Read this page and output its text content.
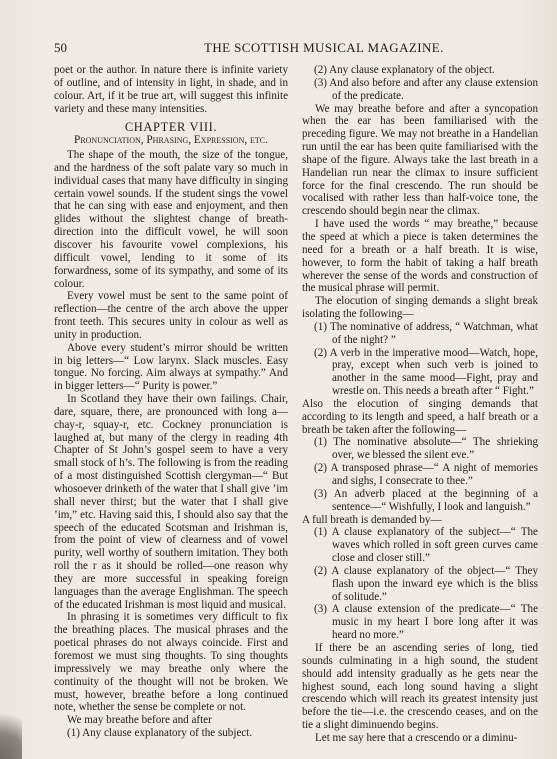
50	THE SCOTTISH MUSICAL MAGAZINE.

poet or the author. In nature there is infinite variety of outline, and of intensity in light, in shade, and in colour. Art, if it be true art, will suggest this infinite variety and these many intensities.

CHAPTER VIII.

Pronunciation, Phrasing, Expression, etc.

The shape of the mouth, the size of the tongue, and the hardness of the soft palate vary so much in individual cases that many have difficulty in singing certain vowel sounds. If the student sings the vowel that he can sing with ease and enjoyment, and then glides without the slightest change of breath-direction into the difficult vowel, he will soon discover his favourite vowel complexions, his difficult vowel, lending to it some of its forwardness, some of its sympathy, and some of its colour.

Every vowel must be sent to the same point of reflection—the centre of the arch above the upper front teeth. This secures unity in colour as well as unity in production.

Above every student’s mirror should be written in big letters—“ Low larynx. Slack muscles. Easy tongue. No forcing. Aim always at sympathy.” And in bigger letters—“ Purity is power.”

In Scotland they have their own failings. Chair, dare, square, there, are pronounced with long a—chay-r, squay-r, etc. Cockney pronunciation is laughed at, but many of the clergy in reading 4th Chapter of St John’s gospel seem to have a very small stock of h’s. The following is from the reading of a most distinguished Scottish clergyman—“ But whosoever drinketh of the water that I shall give ’im shall never thirst; but the water that I shall give ’im,” etc. Having said this, I should also say that the speech of the educated Scotsman and Irishman is, from the point of view of clearness and of vowel purity, well worthy of southern imitation. They both roll the r as it should be rolled—one reason why they are more successful in speaking foreign languages than the average Englishman. The speech of the educated Irishman is most liquid and musical.

In phrasing it is sometimes very difficult to fix the breathing places. The musical phrases and the poetical phrases do not always coincide. First and foremost we must sing thoughts. To sing thoughts impressively we may breathe only where the continuity of the thought will not be broken. We must, however, breathe before a long continued note, whether the sense be complete or not.

We may breathe before and after

(1) Any clause explanatory of the subject.

(2) Any clause explanatory of the object.

(3) And also before and after any clause extension of the predicate.

We may breathe before and after a syncopation when the ear has been familiarised with the preceding figure. We may not breathe in a Handelian run until the ear has been quite familiarised with the shape of the figure. Always take the last breath in a Handelian run near the climax to insure sufficient force for the final crescendo. The run should be vocalised with rather less than half-voice tone, the crescendo should begin near the climax.

I have used the words “ may breathe,” because the speed at which a piece is taken determines the need for a breath or a half breath. It is wise, however, to form the habit of taking a half breath wherever the sense of the words and construction of the musical phrase will permit.

The elocution of singing demands a slight break isolating the following—

(1) The nominative of address, “ Watchman, what of the night? ”

(2) A verb in the imperative mood—Watch, hope, pray, except when such verb is joined to another in the same mood—Fight, pray and wrestle on. This needs a breath after “ Fight.”

Also the elocution of singing demands that according to its length and speed, a half breath or a breath be taken after the following—

(1) The nominative absolute—“ The shrieking over, we blessed the silent eve.”

(2) A transposed phrase—“ A night of memories and sighs, I consecrate to thee.”

(3) An adverb placed at the beginning of a sentence—“ Wishfully, I look and languish.”

A full breath is demanded by—

(1) A clause explanatory of the subject—“ The waves which rolled in soft green curves came close and closer still.”

(2) A clause explanatory of the object—“ They flash upon the inward eye which is the bliss of solitude.”

(3) A clause extension of the predicate—“ The music in my heart I bore long after it was heard no more.”

If there be an ascending series of long, tied sounds culminating in a high sound, the student should add intensity gradually as he gets near the highest sound, each long sound having a slight crescendo which will reach its greatest intensity just before the tie—i.e. the crescendo ceases, and on the tie a slight diminuendo begins.

Let me say here that a crescendo or a diminu-
